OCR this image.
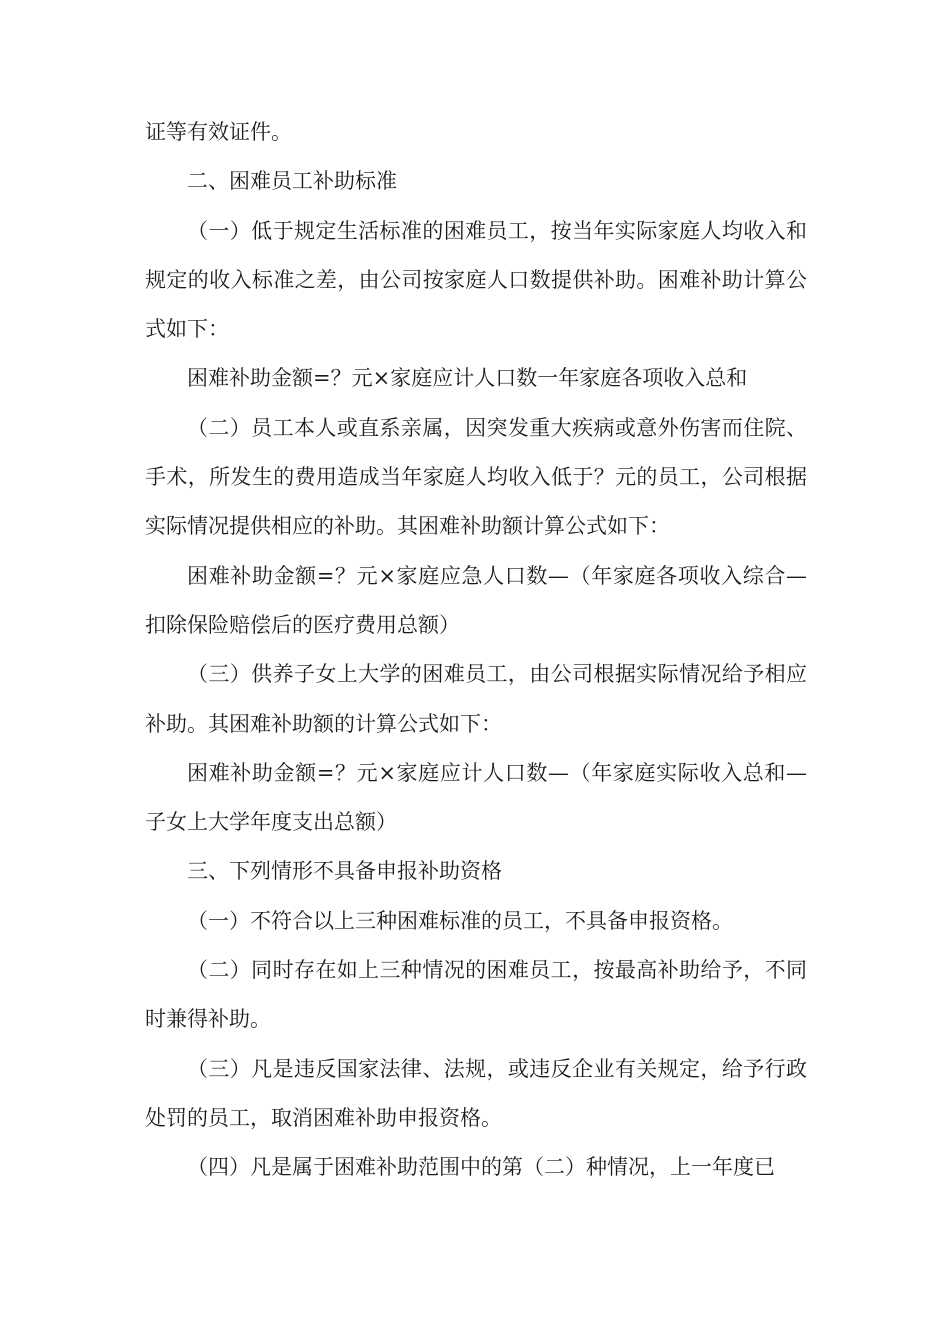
证等有效证件。

二、困难员工补助标准

（一）低于规定生活标准的困难员工，按当年实际家庭人均收入和规定的收入标准之差，由公司按家庭人口数提供补助。困难补助计算公式如下：

困难补助金额=？元×家庭应计人口数一年家庭各项收入总和

（二）员工本人或直系亲属，因突发重大疾病或意外伤害而住院、手术，所发生的费用造成当年家庭人均收入低于？元的员工，公司根据实际情况提供相应的补助。其困难补助额计算公式如下：

困难补助金额=？元×家庭应急人口数—（年家庭各项收入综合—扣除保险赔偿后的医疗费用总额）

（三）供养子女上大学的困难员工，由公司根据实际情况给予相应补助。其困难补助额的计算公式如下：

困难补助金额=？元×家庭应计人口数—（年家庭实际收入总和—子女上大学年度支出总额）

三、下列情形不具备申报补助资格

（一）不符合以上三种困难标准的员工，不具备申报资格。

（二）同时存在如上三种情况的困难员工，按最高补助给予，不同时兼得补助。

（三）凡是违反国家法律、法规，或违反企业有关规定，给予行政处罚的员工，取消困难补助申报资格。

（四）凡是属于困难补助范围中的第（二）种情况，上一年度已
